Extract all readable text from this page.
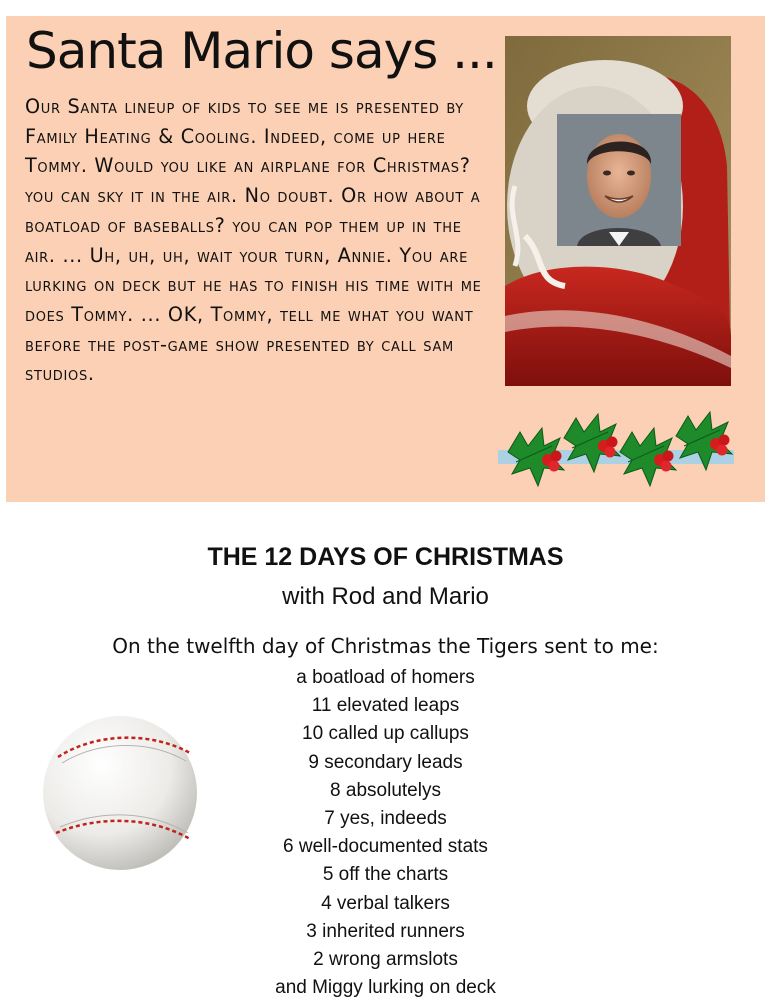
Santa Mario says ...

Our Santa lineup of kids to see me is presented by Family Heating & Cooling. Indeed, come up here Tommy. Would you like an airplane for Christmas? you can sky it in the air. No doubt. Or how about a boatload of baseballs? you can pop them up in the air. ... Uh, uh, uh, wait your turn, Annie. You are lurking on deck but he has to finish his time with me does Tommy. ... OK, Tommy, tell me what you want before the post-game show presented by call sam studios.

THE 12 DAYS OF CHRISTMAS
with Rod and Mario
On the twelfth day of Christmas the Tigers sent to me:
a boatload of homers
11 elevated leaps
10 called up callups
9 secondary leads
8 absolutelys
7 yes, indeeds
6 well-documented stats
5 off the charts
4 verbal talkers
3 inherited runners
2 wrong armslots
and Miggy lurking on deck
